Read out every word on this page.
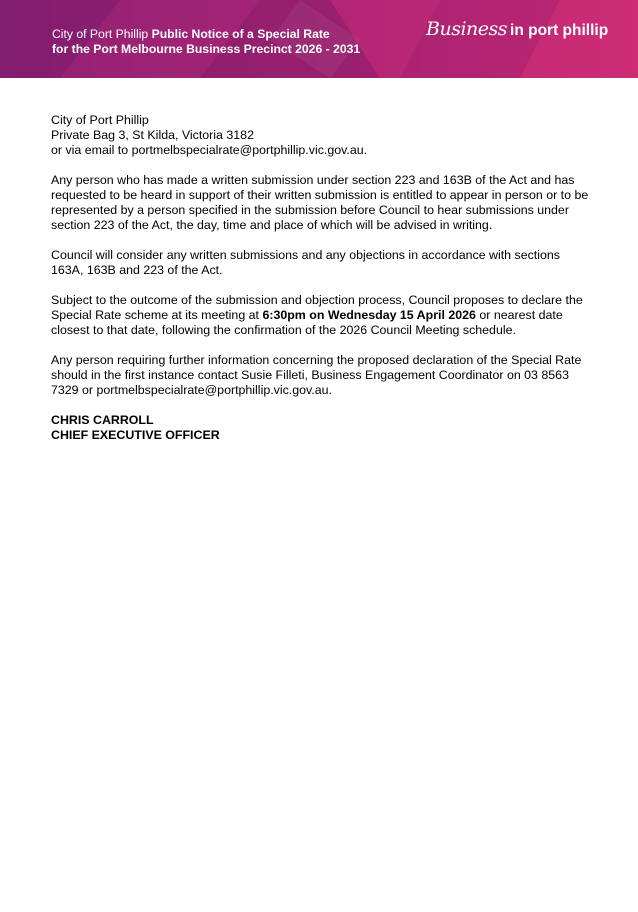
City of Port Phillip Public Notice of a Special Rate
for the Port Melbourne Business Precinct 2026 - 2031
Business in port phillip

City of Port Phillip
Private Bag 3, St Kilda, Victoria 3182
or via email to portmelbspecialrate@portphillip.vic.gov.au.

Any person who has made a written submission under section 223 and 163B of the Act and has requested to be heard in support of their written submission is entitled to appear in person or to be represented by a person specified in the submission before Council to hear submissions under section 223 of the Act, the day, time and place of which will be advised in writing.

Council will consider any written submissions and any objections in accordance with sections 163A, 163B and 223 of the Act.

Subject to the outcome of the submission and objection process, Council proposes to declare the Special Rate scheme at its meeting at 6:30pm on Wednesday 15 April 2026 or nearest date closest to that date, following the confirmation of the 2026 Council Meeting schedule.

Any person requiring further information concerning the proposed declaration of the Special Rate should in the first instance contact Susie Filleti, Business Engagement Coordinator on 03 8563 7329 or portmelbspecialrate@portphillip.vic.gov.au.

CHRIS CARROLL
CHIEF EXECUTIVE OFFICER
